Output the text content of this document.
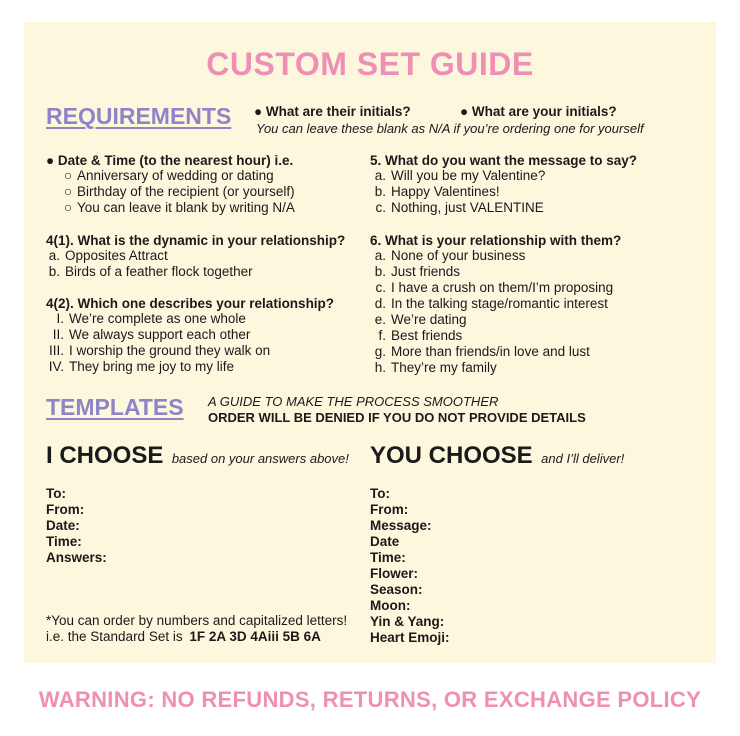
CUSTOM SET GUIDE
REQUIREMENTS ● What are their initials?	● What are your initials?
You can leave these blank as N/A if you’re ordering one for yourself
● Date & Time (to the nearest hour) i.e.
○ Anniversary of wedding or dating
○ Birthday of the recipient (or yourself)
○ You can leave it blank by writing N/A
4(1). What is the dynamic in your relationship?
a. Opposites Attract
b. Birds of a feather flock together
4(2). Which one describes your relationship?
I. We’re complete as one whole
II. We always support each other
III. I worship the ground they walk on
IV. They bring me joy to my life
5. What do you want the message to say?
a. Will you be my Valentine?
b. Happy Valentines!
c. Nothing, just VALENTINE
6. What is your relationship with them?
a. None of your business
b. Just friends
c. I have a crush on them/I’m proposing
d. In the talking stage/romantic interest
e. We’re dating
f. Best friends
g. More than friends/in love and lust
h. They’re my family
TEMPLATES A GUIDE TO MAKE THE PROCESS SMOOTHER
ORDER WILL BE DENIED IF YOU DO NOT PROVIDE DETAILS
I CHOOSE based on your answers above! YOU CHOOSE and I’ll deliver!
To:
From:
Date:
Time:
Answers:
To:
From:
Message:
Date
Time:
Flower:
Season:
Moon:
Yin & Yang:
Heart Emoji:
*You can order by numbers and capitalized letters!
i.e. the Standard Set is 1F 2A 3D 4Aiii 5B 6A
WARNING: NO REFUNDS, RETURNS, OR EXCHANGE POLICY
